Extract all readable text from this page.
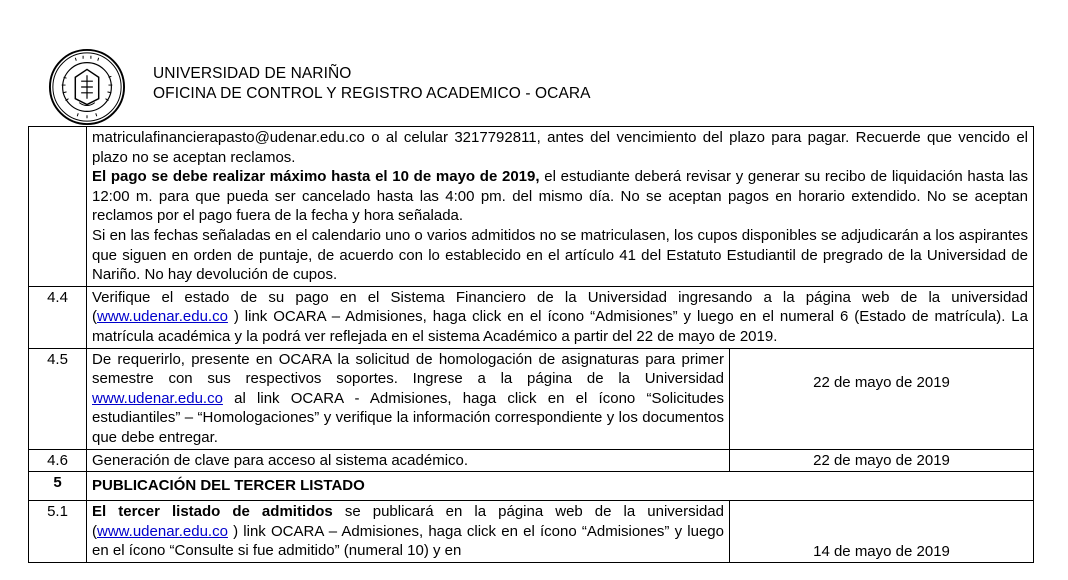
UNIVERSIDAD DE NARIÑO
OFICINA DE CONTROL Y REGISTRO ACADEMICO - OCARA
	matriculafinancierapasto@udenar.edu.co o al celular 3217792811, antes del vencimiento del plazo para pagar. Recuerde que vencido el plazo no se aceptan reclamos.
El pago se debe realizar máximo hasta el 10 de mayo de 2019, el estudiante deberá revisar y generar su recibo de liquidación hasta las 12:00 m. para que pueda ser cancelado hasta las 4:00 pm. del mismo día. No se aceptan pagos en horario extendido. No se aceptan reclamos por el pago fuera de la fecha y hora señalada.
Si en las fechas señaladas en el calendario uno o varios admitidos no se matriculasen, los cupos disponibles se adjudicarán a los aspirantes que siguen en orden de puntaje, de acuerdo con lo establecido en el artículo 41 del Estatuto Estudiantil de pregrado de la Universidad de Nariño. No hay devolución de cupos.	
4.4	Verifique el estado de su pago en el Sistema Financiero de la Universidad ingresando a la página web de la universidad (www.udenar.edu.co ) link OCARA – Admisiones, haga click en el ícono “Admisiones” y luego en el numeral 6 (Estado de matrícula). La matrícula académica y la podrá ver reflejada en el sistema Académico a partir del 22 de mayo de 2019.	
4.5	De requerirlo, presente en OCARA la solicitud de homologación de asignaturas para primer semestre con sus respectivos soportes. Ingrese a la página de la Universidad www.udenar.edu.co al link OCARA - Admisiones, haga click en el ícono “Solicitudes estudiantiles” – “Homologaciones” y verifique la información correspondiente y los documentos que debe entregar.	22 de mayo de 2019
4.6	Generación de clave para acceso al sistema académico.	22 de mayo de 2019
5	PUBLICACIÓN DEL TERCER LISTADO	
5.1	El tercer listado de admitidos se publicará en la página web de la universidad (www.udenar.edu.co ) link OCARA – Admisiones, haga click en el ícono “Admisiones” y luego en el ícono “Consulte si fue admitido” (numeral 10) y en	14 de mayo de 2019
